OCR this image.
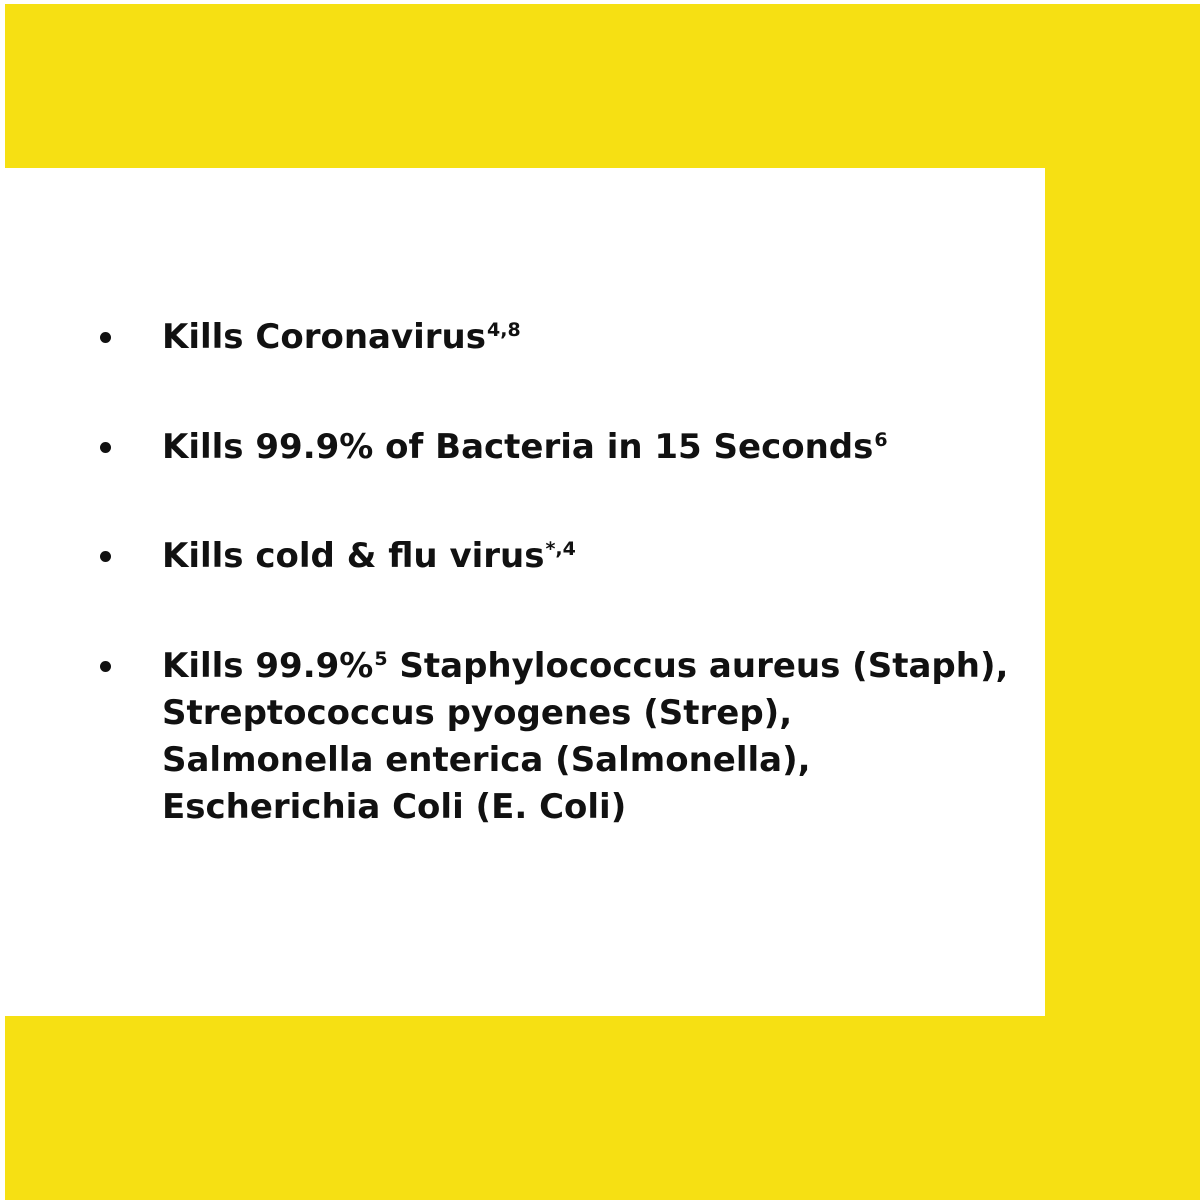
Kills Coronavirus$^{4,8}$
Kills 99.9% of Bacteria in 15 Seconds$^6$
Kills cold & flu virus$^{*,4}$
Kills 99.9%$^5$ Staphylococcus aureus (Staph),
Streptococcus pyogenes (Strep),
Salmonella enterica (Salmonella),
Escherichia Coli (E. Coli)
